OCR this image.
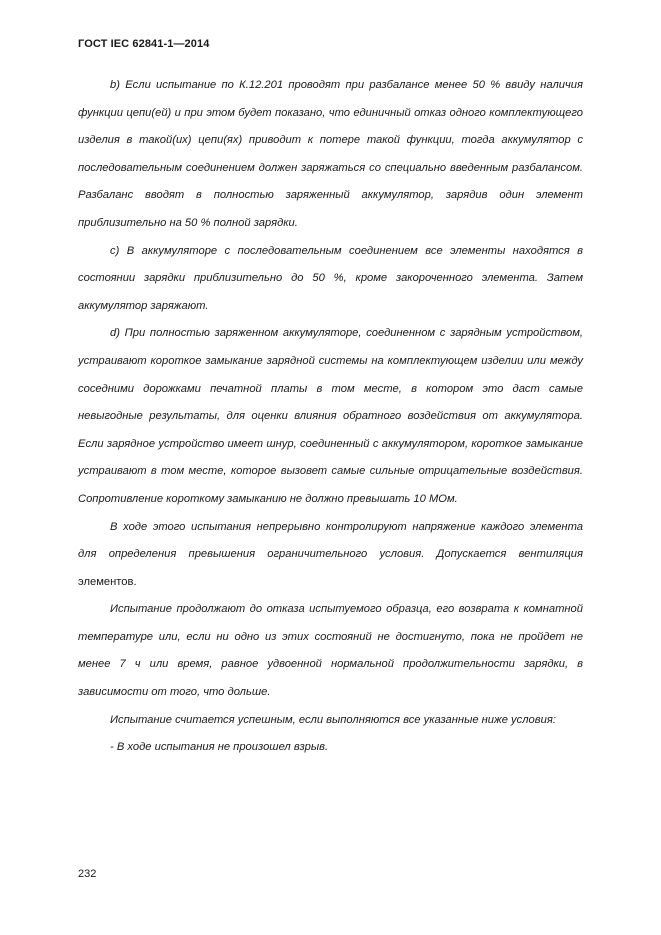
ГОСТ IEC 62841-1—2014

b) Если испытание по К.12.201 проводят при разбалансе менее 50 % ввиду наличия функции цепи(ей) и при этом будет показано, что единичный отказ одного комплектующего изделия в такой(их) цепи(ях) приводит к потере такой функции, тогда аккумулятор с последовательным соединением должен заряжаться со специально введенным разбалансом. Разбаланс вводят в полностью заряженный аккумулятор, зарядив один элемент приблизительно на 50 % полной зарядки.

c) В аккумуляторе с последовательным соединением все элементы находятся в состоянии зарядки приблизительно до 50 %, кроме закороченного элемента. Затем аккумулятор заряжают.

d) При полностью заряженном аккумуляторе, соединенном с зарядным устройством, устраивают короткое замыкание зарядной системы на комплектующем изделии или между соседними дорожками печатной платы в том месте, в котором это даст самые невыгодные результаты, для оценки влияния обратного воздействия от аккумулятора. Если зарядное устройство имеет шнур, соединенный с аккумулятором, короткое замыкание устраивают в том месте, которое вызовет самые сильные отрицательные воздействия. Сопротивление короткому замыканию не должно превышать 10 МОм.

В ходе этого испытания непрерывно контролируют напряжение каждого элемента для определения превышения ограничительного условия. Допускается вентиляция элементов.

Испытание продолжают до отказа испытуемого образца, его возврата к комнатной температуре или, если ни одно из этих состояний не достигнуто, пока не пройдет не менее 7 ч или время, равное удвоенной нормальной продолжительности зарядки, в зависимости от того, что дольше.

Испытание считается успешным, если выполняются все указанные ниже условия:

- В ходе испытания не произошел взрыв.

232
